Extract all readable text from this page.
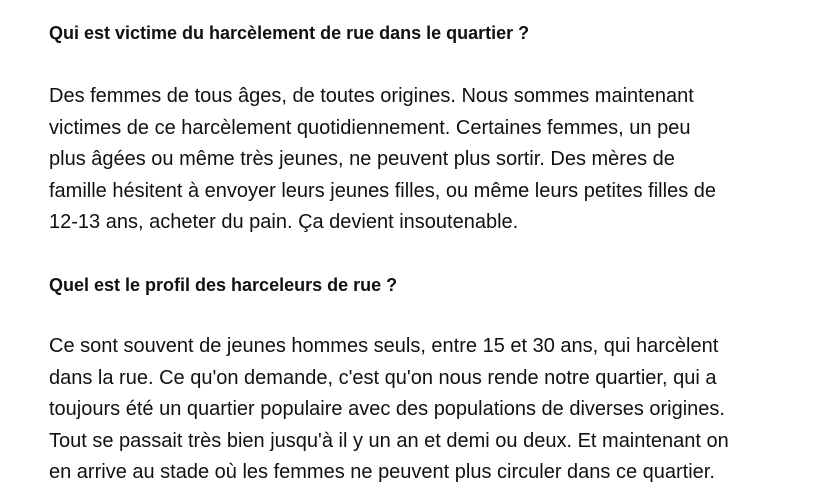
Qui est victime du harcèlement de rue dans le quartier ?

Des femmes de tous âges, de toutes origines. Nous sommes maintenant
victimes de ce harcèlement quotidiennement. Certaines femmes, un peu
plus âgées ou même très jeunes, ne peuvent plus sortir. Des mères de
famille hésitent à envoyer leurs jeunes filles, ou même leurs petites filles de
12-13 ans, acheter du pain. Ça devient insoutenable.

Quel est le profil des harceleurs de rue ?

Ce sont souvent de jeunes hommes seuls, entre 15 et 30 ans, qui harcèlent
dans la rue. Ce qu'on demande, c'est qu'on nous rende notre quartier, qui a
toujours été un quartier populaire avec des populations de diverses origines.
Tout se passait très bien jusqu'à il y un an et demi ou deux. Et maintenant on
en arrive au stade où les femmes ne peuvent plus circuler dans ce quartier.
